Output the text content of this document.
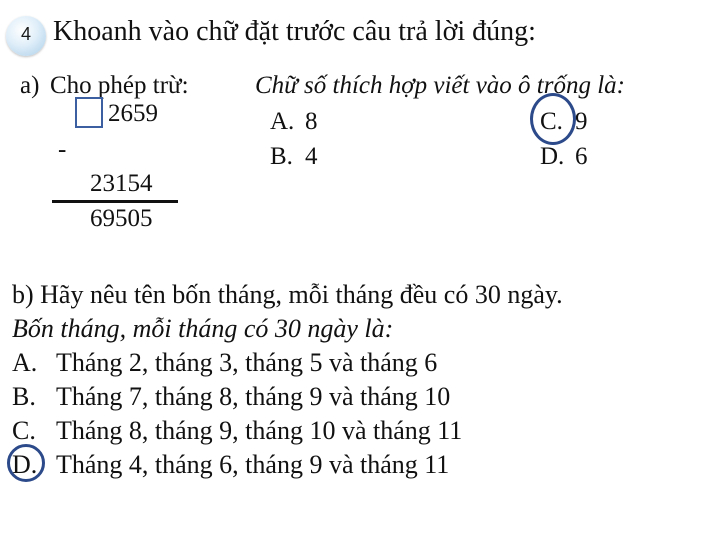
4 Khoanh vào chữ đặt trước câu trả lời đúng:
a) Cho phép trừ:
2659
-
23154
69505
Chữ số thích hợp viết vào ô trống là:
A. 8
B. 4
C. 9
D. 6
b) Hãy nêu tên bốn tháng, mỗi tháng đều có 30 ngày.
Bốn tháng, mỗi tháng có 30 ngày là:
A. Tháng 2, tháng 3, tháng 5 và tháng 6
B. Tháng 7, tháng 8, tháng 9 và tháng 10
C. Tháng 8, tháng 9, tháng 10 và tháng 11
D. Tháng 4, tháng 6, tháng 9 và tháng 11
